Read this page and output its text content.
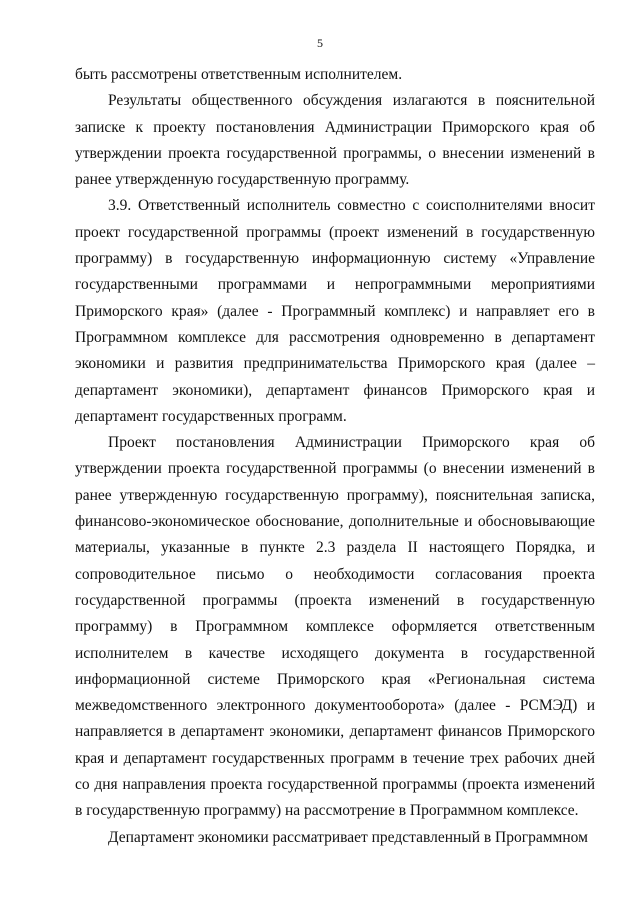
5

быть рассмотрены ответственным исполнителем.

Результаты общественного обсуждения излагаются в пояснительной записке к проекту постановления Администрации Приморского края об утверждении проекта государственной программы, о внесении изменений в ранее утвержденную государственную программу.

3.9. Ответственный исполнитель совместно с соисполнителями вносит проект государственной программы (проект изменений в государственную программу) в государственную информационную систему «Управление государственными программами и непрограммными мероприятиями Приморского края» (далее - Программный комплекс) и направляет его в Программном комплексе для рассмотрения одновременно в департамент экономики и развития предпринимательства Приморского края (далее – департамент экономики), департамент финансов Приморского края и департамент государственных программ.

Проект постановления Администрации Приморского края об утверждении проекта государственной программы (о внесении изменений в ранее утвержденную государственную программу), пояснительная записка, финансово-экономическое обоснование, дополнительные и обосновывающие материалы, указанные в пункте 2.3 раздела II настоящего Порядка, и сопроводительное письмо о необходимости согласования проекта государственной программы (проекта изменений в государственную программу) в Программном комплексе оформляется ответственным исполнителем в качестве исходящего документа в государственной информационной системе Приморского края «Региональная система межведомственного электронного документооборота» (далее - РСМЭД) и направляется в департамент экономики, департамент финансов Приморского края и департамент государственных программ в течение трех рабочих дней со дня направления проекта государственной программы (проекта изменений в государственную программу) на рассмотрение в Программном комплексе.

Департамент экономики рассматривает представленный в Программном
